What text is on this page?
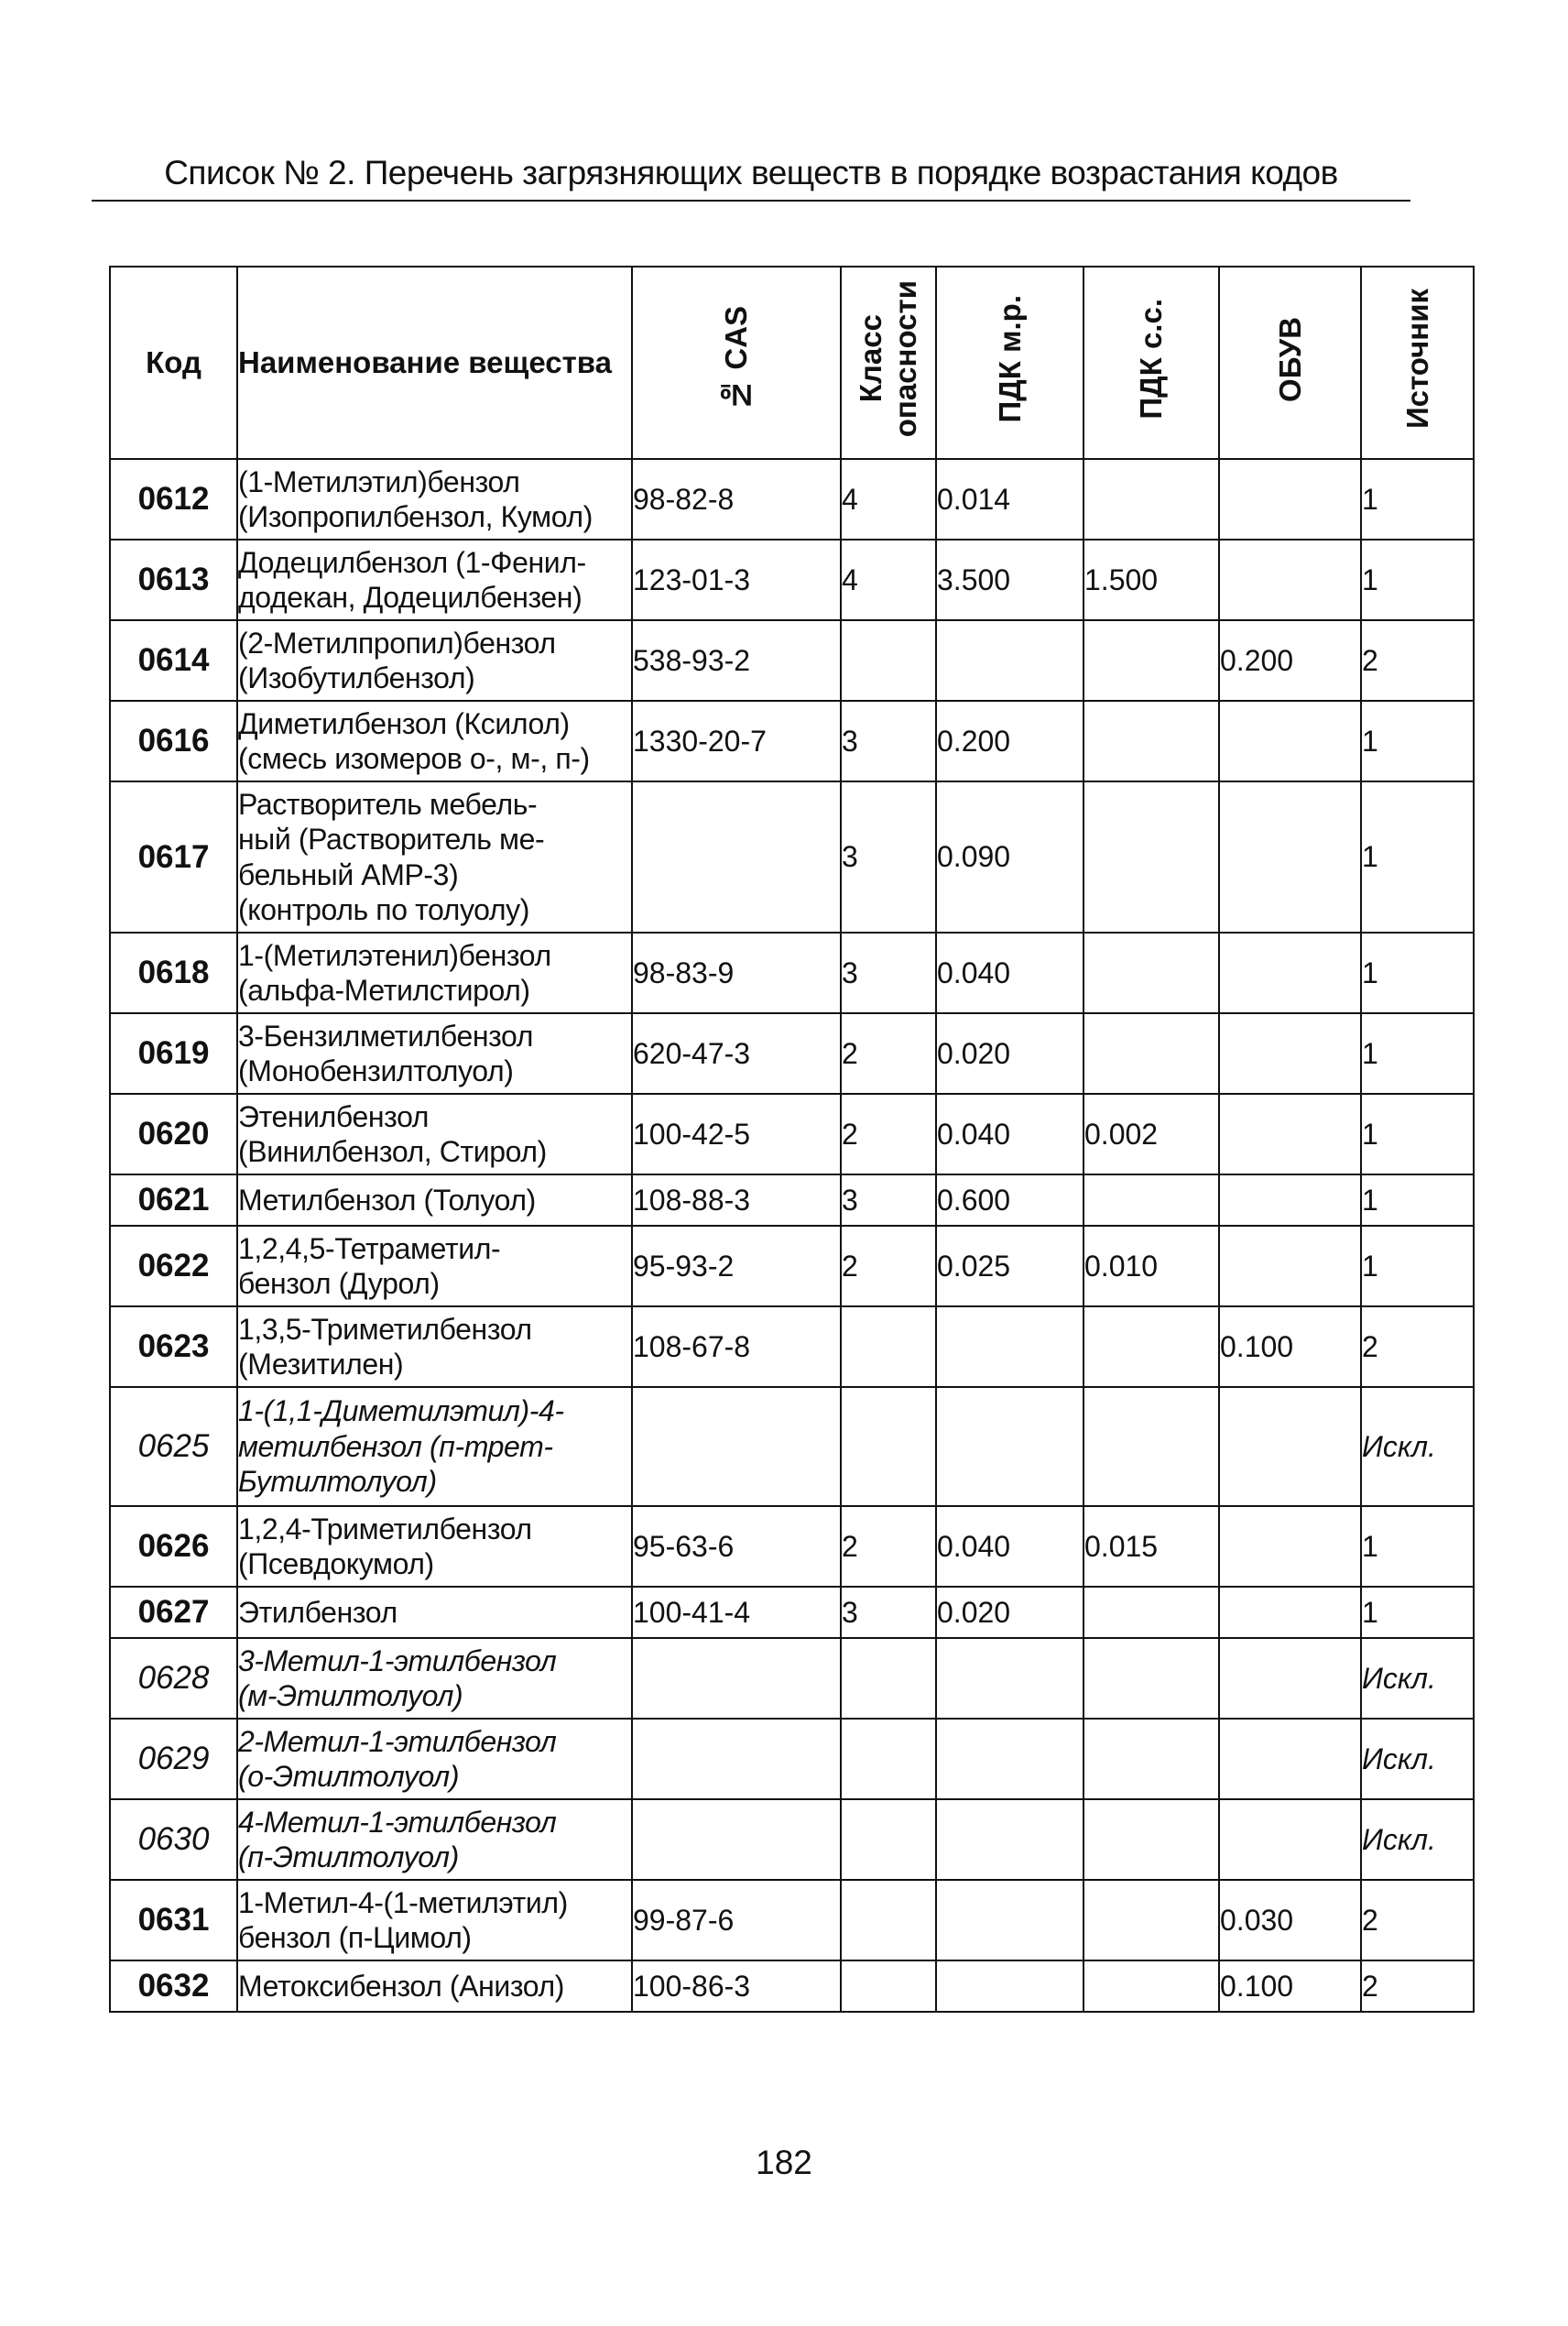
Список № 2. Перечень загрязняющих веществ в порядке возрастания кодов
Код	Наименование вещества	№ CAS	Класс
опасности	ПДК м.р.	ПДК с.с.	ОБУВ	Источник
0612	(1-Метилэтил)бензол
(Изопропилбензол, Кумол)	98-82-8	4	0.014			1
0613	Додецилбензол (1-Фенил-
додекан, Додецилбензен)	123-01-3	4	3.500	1.500		1
0614	(2-Метилпропил)бензол
(Изобутилбензол)	538-93-2				0.200	2
0616	Диметилбензол (Ксилол)
(смесь изомеров о-, м-, п-)	1330-20-7	3	0.200			1
0617	Растворитель мебель-
ный (Растворитель ме-
бельный АМР-3)
(контроль по толуолу)		3	0.090			1
0618	1-(Метилэтенил)бензол
(альфа-Метилстирол)	98-83-9	3	0.040			1
0619	3-Бензилметилбензол
(Монобензилтолуол)	620-47-3	2	0.020			1
0620	Этенилбензол
(Винилбензол, Стирол)	100-42-5	2	0.040	0.002		1
0621	Метилбензол (Толуол)	108-88-3	3	0.600			1
0622	1,2,4,5-Тетраметил-
бензол (Дурол)	95-93-2	2	0.025	0.010		1
0623	1,3,5-Триметилбензол
(Мезитилен)	108-67-8				0.100	2
0625	1-(1,1-Диметилэтил)-4-
метилбензол (п-трет-
Бутилтолуол)						Искл.
0626	1,2,4-Триметилбензол
(Псевдокумол)	95-63-6	2	0.040	0.015		1
0627	Этилбензол	100-41-4	3	0.020			1
0628	3-Метил-1-этилбензол
(м-Этилтолуол)						Искл.
0629	2-Метил-1-этилбензол
(о-Этилтолуол)						Искл.
0630	4-Метил-1-этилбензол
(п-Этилтолуол)						Искл.
0631	1-Метил-4-(1-метилэтил)
бензол (п-Цимол)	99-87-6				0.030	2
0632	Метоксибензол (Анизол)	100-86-3				0.100	2
182
